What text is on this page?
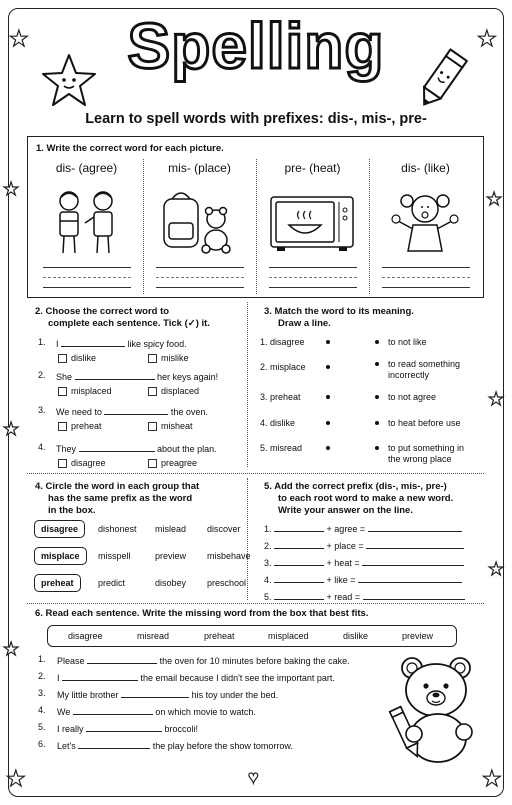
★	★
★	★
★
★
★
★
★	★
♥
Spelling
Learn to spell words with prefixes: dis-, mis-, pre-
1. Write the correct word for each picture.
dis- (agree)	mis- (place)	pre- (heat)	dis- (like)
2. Choose the correct word to
complete each sentence. Tick (✓) it.
1. I	like spicy food.
dislike	mislike
2. She	her keys again!
misplaced	displaced
3. We need to	the oven.
preheat	misheat
4. They	about the plan.
disagree	preagree
3. Match the word to its meaning.
Draw a line.
1. disagree	to not like
2. misplace	to read something
incorrectly
3. preheat	to not agree
4. dislike	to heat before use
5. misread	to put something in
the wrong place
4. Circle the word in each group that
has the same prefix as the word
in the box.
disagree	dishonest mislead discover
misplace	misspell	preview misbehave
preheat	predict	disobey preschool
5. Add the correct prefix (dis-, mis-, pre-)
to each root word to make a new word.
Write your answer on the line.
1.	+ agree =
2.	+ place =
3.	+ heat =
4.	+ like =
5.	+ read =
6. Read each sentence. Write the missing word from the box that best fits.
disagree	misread	preheat	misplaced	dislike	preview
1. Please	the oven for 10 minutes before baking the cake.
2. I	the email because I didn't see the important part.
3. My little brother	his toy under the bed.
4. We	on which movie to watch.
5. I really	broccoli!
6. Let's	the play before the show tomorrow.
